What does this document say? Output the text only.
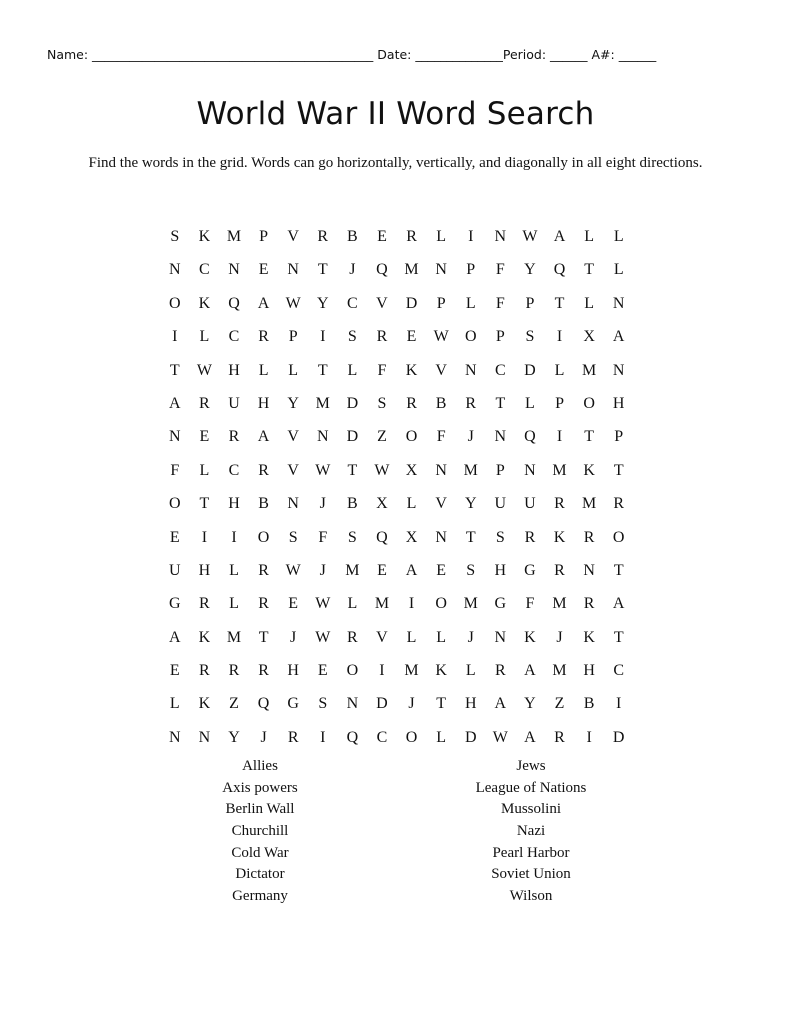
Name: _____________________________________________ Date: ______________Period: ______ A#: ______
World War II Word Search
Find the words in the grid. Words can go horizontally, vertically, and diagonally in all eight directions.
S	K	M	P	V	R	B	E	R	L	I	N	W	A	L	L
N	C	N	E	N	T	J	Q	M	N	P	F	Y	Q	T	L
O	K	Q	A	W	Y	C	V	D	P	L	F	P	T	L	N
I	L	C	R	P	I	S	R	E	W	O	P	S	I	X	A
T	W	H	L	L	T	L	F	K	V	N	C	D	L	M	N
A	R	U	H	Y	M	D	S	R	B	R	T	L	P	O	H
N	E	R	A	V	N	D	Z	O	F	J	N	Q	I	T	P
F	L	C	R	V	W	T	W	X	N	M	P	N	M	K	T
O	T	H	B	N	J	B	X	L	V	Y	U	U	R	M	R
E	I	I	O	S	F	S	Q	X	N	T	S	R	K	R	O
U	H	L	R	W	J	M	E	A	E	S	H	G	R	N	T
G	R	L	R	E	W	L	M	I	O	M	G	F	M	R	A
A	K	M	T	J	W	R	V	L	L	J	N	K	J	K	T
E	R	R	R	H	E	O	I	M	K	L	R	A	M	H	C
L	K	Z	Q	G	S	N	D	J	T	H	A	Y	Z	B	I
N	N	Y	J	R	I	Q	C	O	L	D	W	A	R	I	D
Allies
Axis powers
Berlin Wall
Churchill
Cold War
Dictator
Germany
Jews
League of Nations
Mussolini
Nazi
Pearl Harbor
Soviet Union
Wilson
